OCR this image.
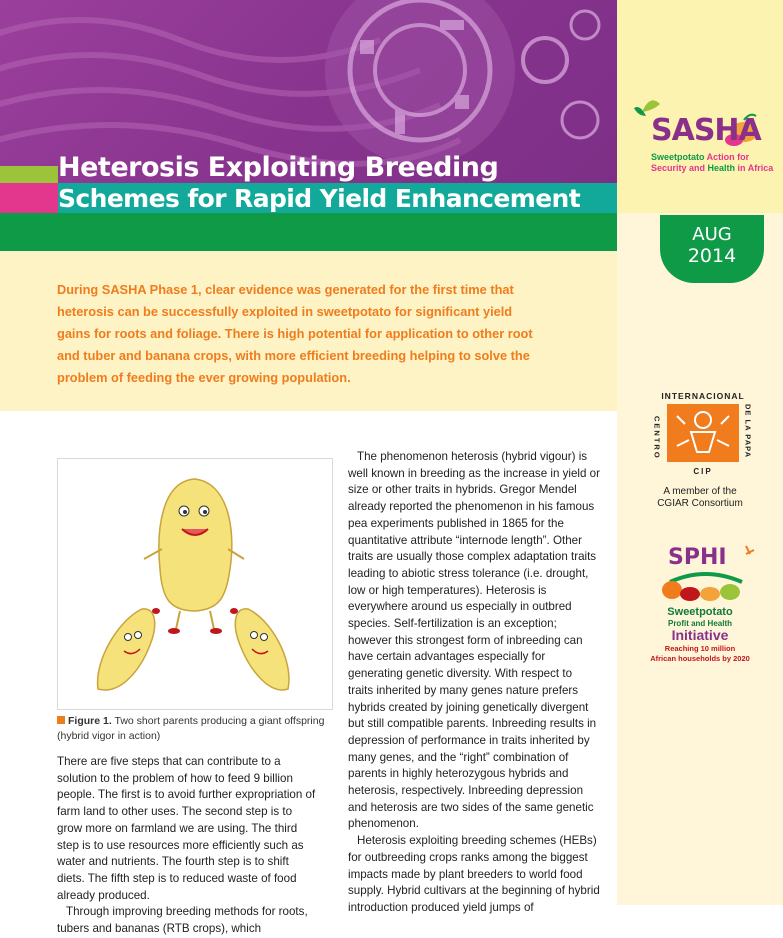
Heterosis Exploiting Breeding
Schemes for Rapid Yield Enhancement
AUG
2014
SASHA
Sweetpotato Action for
Security and Health in Africa

During SASHA Phase 1, clear evidence was generated for the first time that heterosis can be successfully exploited in sweetpotato for significant yield gains for roots and foliage. There is high potential for application to other root and tuber and banana crops, with more efficient breeding helping to solve the problem of feeding the ever growing population.

INTERNACIONAL
CENTRO	DE LA PAPA
CIP
A member of the
CGIAR Consortium
SPHI
Sweetpotato
Profit and Health
Initiative
Reaching 10 million
African households by 2020
Figure 1. Two short parents producing a giant offspring (hybrid vigor in action)

There are five steps that can contribute to a solution to the problem of how to feed 9 billion people. The first is to avoid further expropriation of farm land to other uses. The second step is to grow more on farmland we are using. The third step is to use resources more efficiently such as water and nutrients. The fourth step is to shift diets. The fifth step is to reduced waste of food already produced.

Through improving breeding methods for roots, tubers and bananas (RTB crops), which

The phenomenon heterosis (hybrid vigour) is well known in breeding as the increase in yield or size or other traits in hybrids. Gregor Mendel already reported the phenomenon in his famous pea experiments published in 1865 for the quantitative attribute “internode length”. Other traits are usually those complex adaptation traits leading to abiotic stress tolerance (i.e. drought, low or high temperatures). Heterosis is everywhere around us especially in outbred species. Self-fertilization is an exception; however this strongest form of inbreeding can have certain advantages especially for generating genetic diversity. With respect to traits inherited by many genes nature prefers hybrids created by joining genetically divergent but still compatible parents. Inbreeding results in depression of performance in traits inherited by many genes, and the “right” combination of parents in highly heterozygous hybrids and heterosis, respectively. Inbreeding depression and heterosis are two sides of the same genetic phenomenon.

Heterosis exploiting breeding schemes (HEBs) for outbreeding crops ranks among the biggest impacts made by plant breeders to world food supply. Hybrid cultivars at the beginning of hybrid introduction produced yield jumps of
